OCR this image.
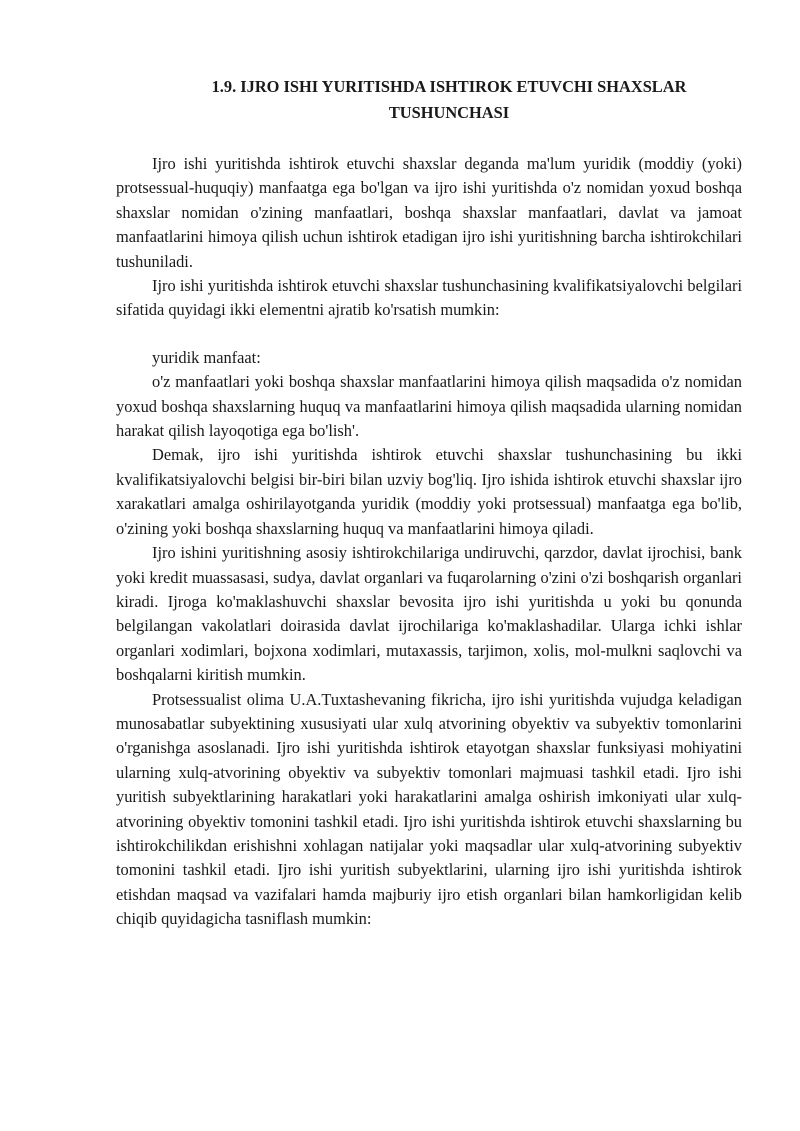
1.9. IJRO ISHI YURITISHDA ISHTIROK ETUVCHI SHAXSLAR TUSHUNCHASI

Ijro ishi yuritishda ishtirok etuvchi shaxslar deganda ma'lum yuridik (moddiy (yoki) protsessual-huquqiy) manfaatga ega bo'lgan va ijro ishi yuritishda o'z nomidan yoxud boshqa shaxslar nomidan o'zining manfaatlari, boshqa shaxslar manfaatlari, davlat va jamoat manfaatlarini himoya qilish uchun ishtirok etadigan ijro ishi yuritishning barcha ishtirokchilari tushuniladi.

Ijro ishi yuritishda ishtirok etuvchi shaxslar tushunchasining kvalifikatsiyalovchi belgilari sifatida quyidagi ikki elementni ajratib ko'rsatish mumkin:

yuridik manfaat:

o'z manfaatlari yoki boshqa shaxslar manfaatlarini himoya qilish maqsadida o'z nomidan yoxud boshqa shaxslarning huquq va manfaatlarini himoya qilish maqsadida ularning nomidan harakat qilish layoqotiga ega bo'lish'.

Demak, ijro ishi yuritishda ishtirok etuvchi shaxslar tushunchasining bu ikki kvalifikatsiyalovchi belgisi bir-biri bilan uzviy bog'liq. Ijro ishida ishtirok etuvchi shaxslar ijro xarakatlari amalga oshirilayotganda yuridik (moddiy yoki protsessual) manfaatga ega bo'lib, o'zining yoki boshqa shaxslarning huquq va manfaatlarini himoya qiladi.

Ijro ishini yuritishning asosiy ishtirokchilariga undiruvchi, qarzdor, davlat ijrochisi, bank yoki kredit muassasasi, sudya, davlat organlari va fuqarolarning o'zini o'zi boshqarish organlari kiradi. Ijroga ko'maklashuvchi shaxslar bevosita ijro ishi yuritishda u yoki bu qonunda belgilangan vakolatlari doirasida davlat ijrochilariga ko'maklashadilar. Ularga ichki ishlar organlari xodimlari, bojxona xodimlari, mutaxassis, tarjimon, xolis, mol-mulkni saqlovchi va boshqalarni kiritish mumkin.

Protsessualist olima U.A.Tuxtashevaning fikricha, ijro ishi yuritishda vujudga keladigan munosabatlar subyektining xususiyati ular xulq atvorining obyektiv va subyektiv tomonlarini o'rganishga asoslanadi. Ijro ishi yuritishda ishtirok etayotgan shaxslar funksiyasi mohiyatini ularning xulq-atvorining obyektiv va subyektiv tomonlari majmuasi tashkil etadi. Ijro ishi yuritish subyektlarining harakatlari yoki harakatlarini amalga oshirish imkoniyati ular xulq-atvorining obyektiv tomonini tashkil etadi. Ijro ishi yuritishda ishtirok etuvchi shaxslarning bu ishtirokchilikdan erishishni xohlagan natijalar yoki maqsadlar ular xulq-atvorining subyektiv tomonini tashkil etadi. Ijro ishi yuritish subyektlarini, ularning ijro ishi yuritishda ishtirok etishdan maqsad va vazifalari hamda majburiy ijro etish organlari bilan hamkorligidan kelib chiqib quyidagicha tasniflash mumkin:
